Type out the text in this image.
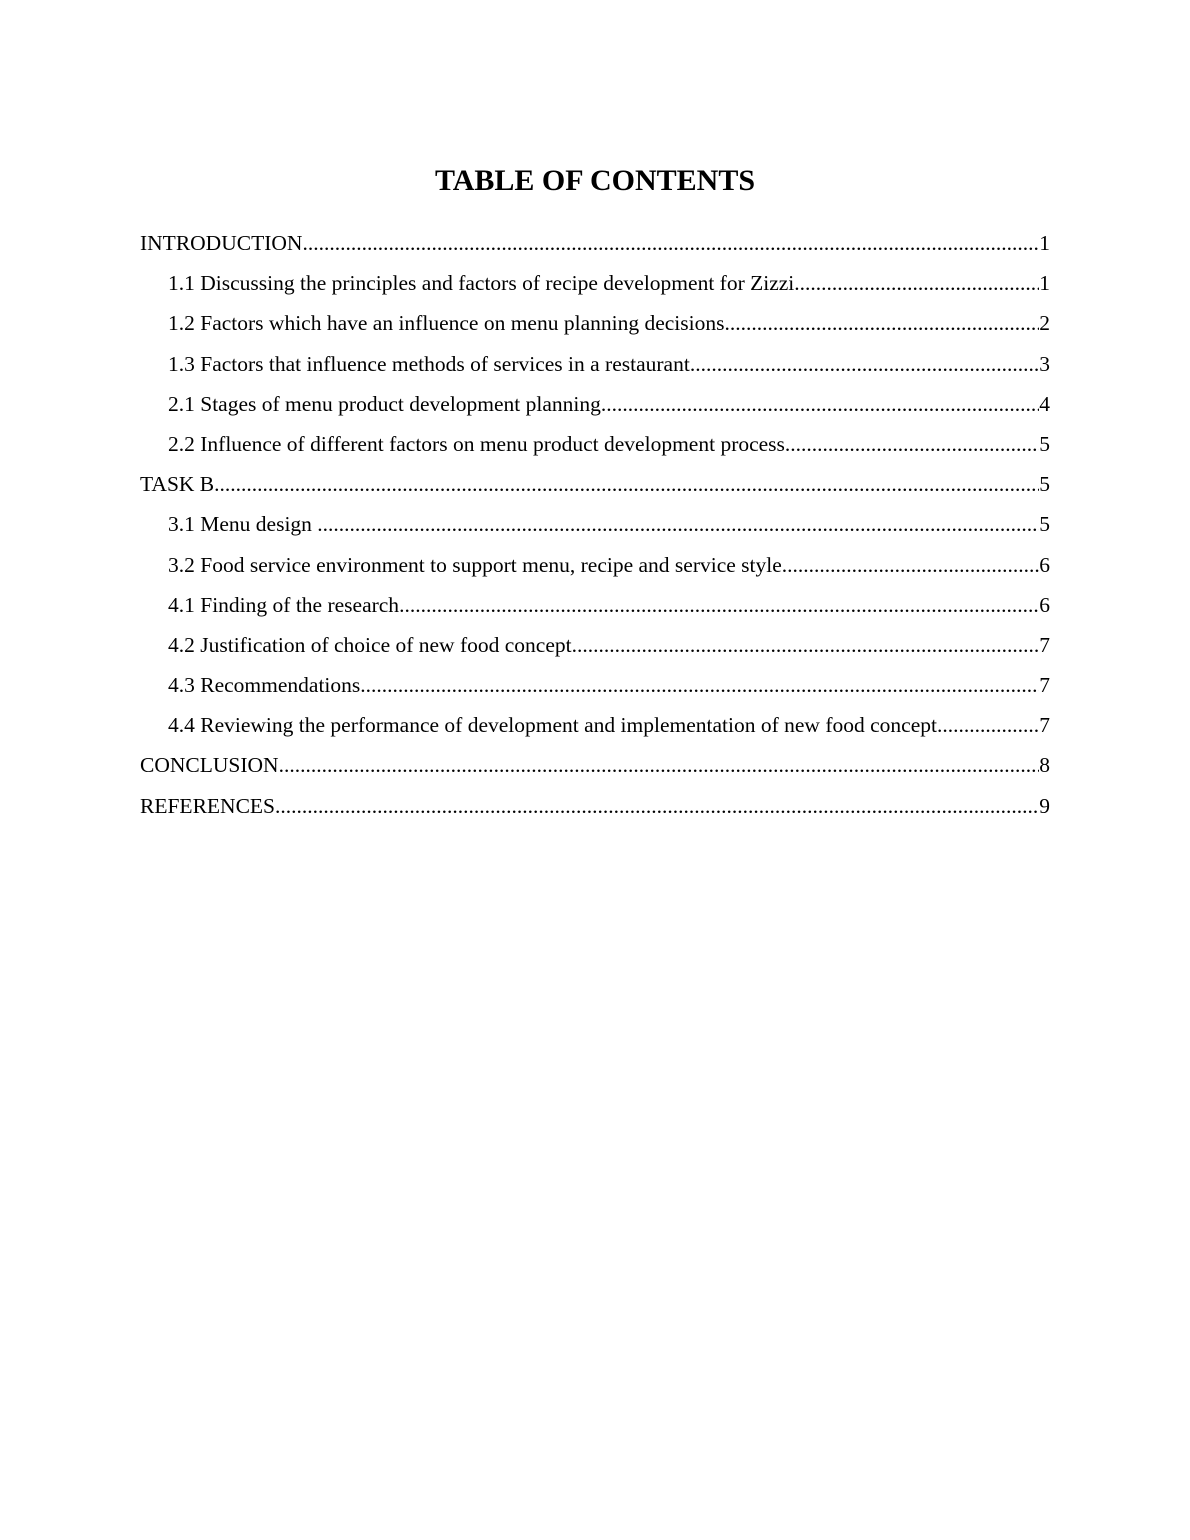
TABLE OF CONTENTS
INTRODUCTION .....	1
1.1 Discussing the principles and factors of recipe development for Zizzi .....	1
1.2 Factors which have an influence on menu planning decisions .....	2
1.3 Factors that influence methods of services in a restaurant .....	3
2.1 Stages of menu product development planning .....	4
2.2 Influence of different factors on menu product development process .....	5
TASK B .....	5
3.1 Menu design .....	5
3.2 Food service environment to support menu, recipe and service style .....	6
4.1 Finding of the research .....	6
4.2 Justification of choice of new food concept .....	7
4.3 Recommendations .....	7
4.4 Reviewing the performance of development and implementation of new food concept .....	7
CONCLUSION .....	8
REFERENCES .....	9
